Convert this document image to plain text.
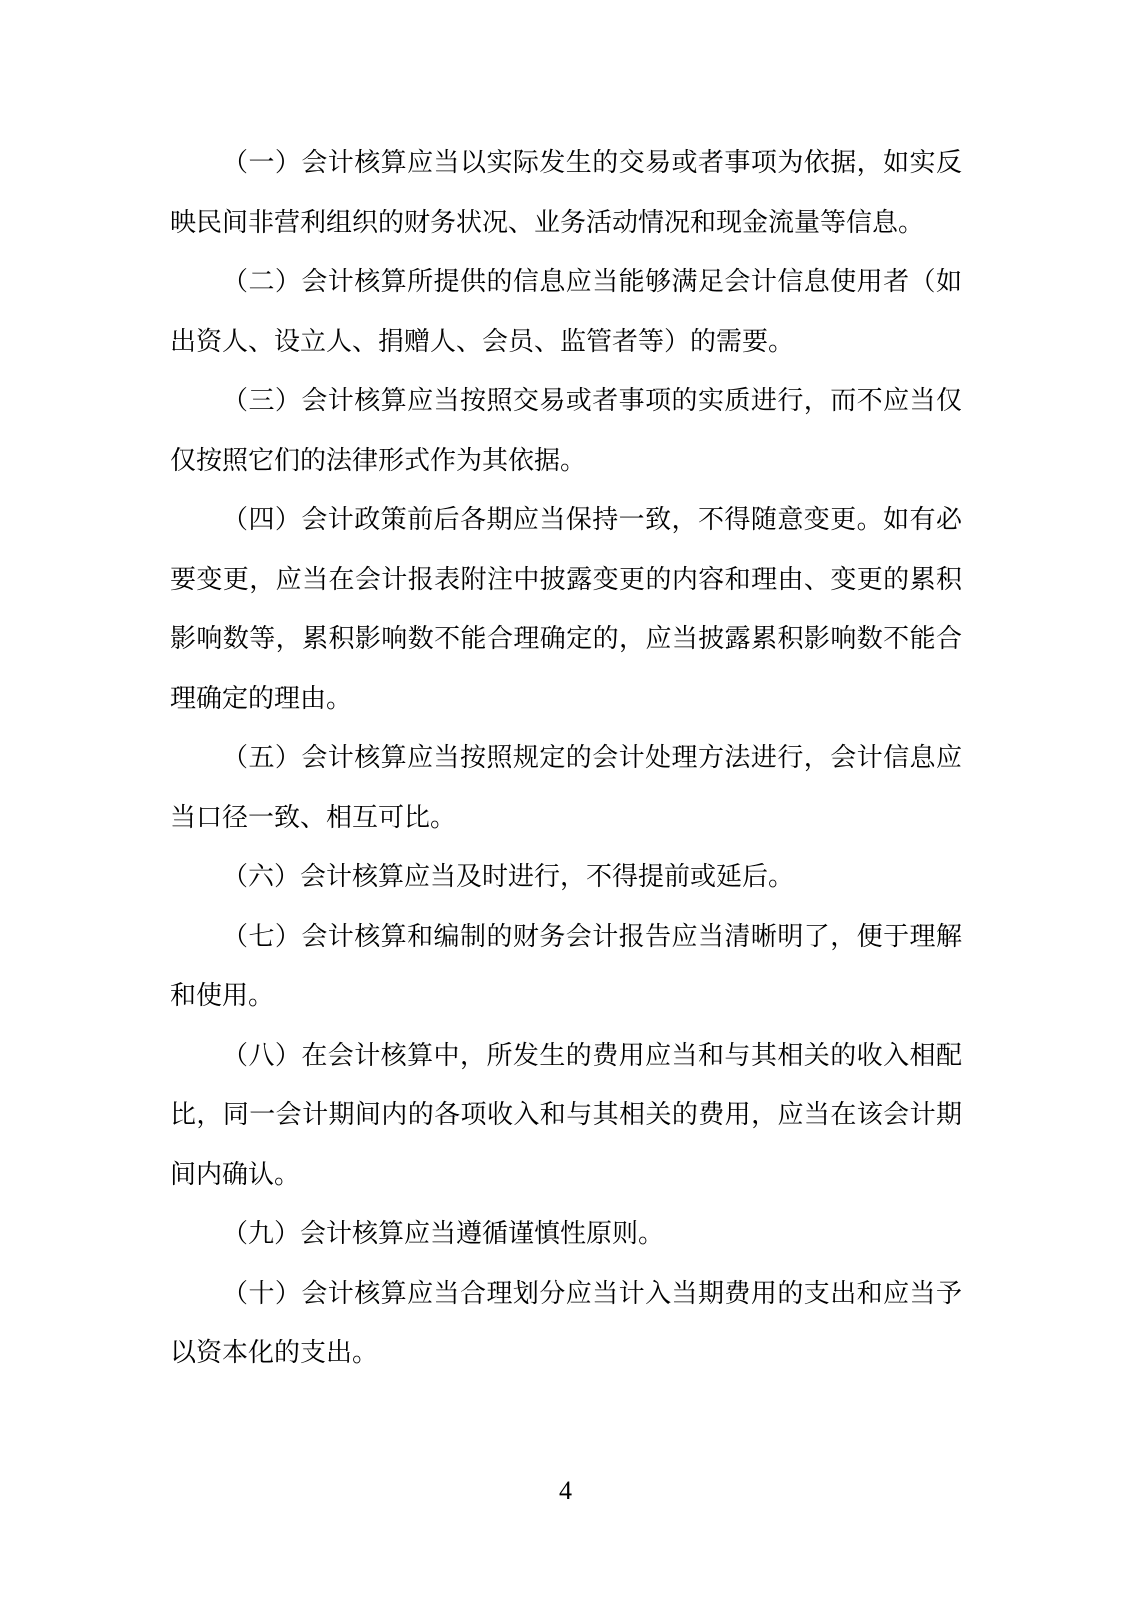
（一）会计核算应当以实际发生的交易或者事项为依据，如实反映民间非营利组织的财务状况、业务活动情况和现金流量等信息。

（二）会计核算所提供的信息应当能够满足会计信息使用者（如出资人、设立人、捐赠人、会员、监管者等）的需要。

（三）会计核算应当按照交易或者事项的实质进行，而不应当仅仅按照它们的法律形式作为其依据。

（四）会计政策前后各期应当保持一致，不得随意变更。如有必要变更，应当在会计报表附注中披露变更的内容和理由、变更的累积影响数等，累积影响数不能合理确定的，应当披露累积影响数不能合理确定的理由。

（五）会计核算应当按照规定的会计处理方法进行，会计信息应当口径一致、相互可比。

（六）会计核算应当及时进行，不得提前或延后。

（七）会计核算和编制的财务会计报告应当清晰明了，便于理解和使用。

（八）在会计核算中，所发生的费用应当和与其相关的收入相配比，同一会计期间内的各项收入和与其相关的费用，应当在该会计期间内确认。

（九）会计核算应当遵循谨慎性原则。

（十）会计核算应当合理划分应当计入当期费用的支出和应当予以资本化的支出。

4
